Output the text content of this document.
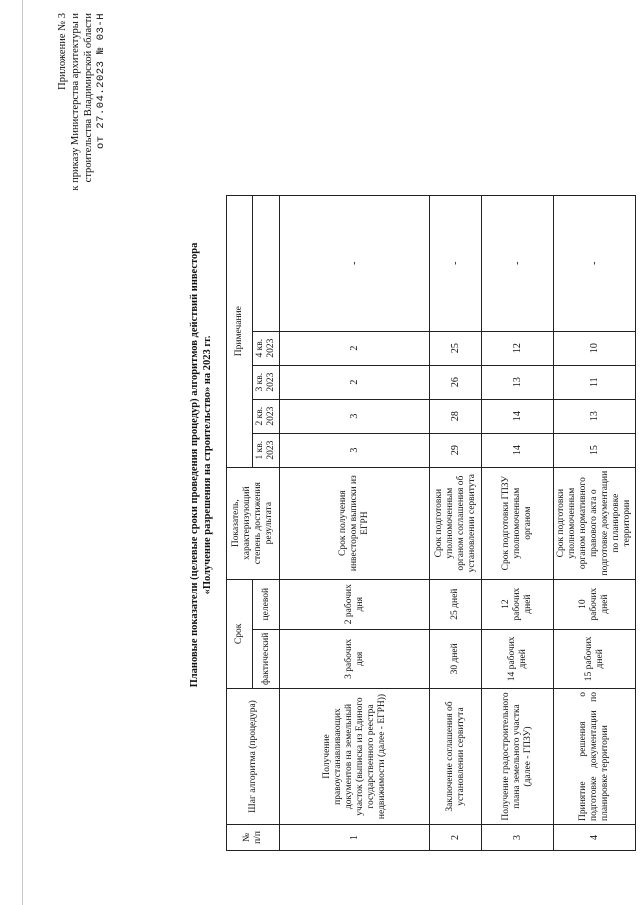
Приложение № 3 к приказу Министерства архитектуры и строительства Владимирской области от 27.04.2023 № 03-Н
Плановые показатели (целевые сроки проведения процедур) алгоритмов действий инвестора «Получение разрешения на строительство» на 2023 гг.
№ п/п	Шаг алгоритма (процедура)	Срок		Показатель, характеризующий степень достижения результата	Примечание				
		фактический	целевой		1 кв. 2023	2 кв. 2023	3 кв. 2023	4 кв. 2023	
1	Получение правоустанавливающих документов на земельный участок (выписка из Единого государственного реестра недвижимости (далее - ЕГРН))	3 рабочих дня	2 рабочих дня	Срок получения инвестором выписки из ЕГРН	3	3	2	2	-
2	Заключение соглашения об установлении сервитута	30 дней	25 дней	Срок подготовки уполномоченным органом соглашения об установлении сервитута	29	28	26	25	-
3	Получение градостроительного плана земельного участка (далее - ГПЗУ)	14 рабочих дней	12 рабочих дней	Срок подготовки ГПЗУ уполномоченным органом	14	14	13	12	-
4	Принятие решения о подготовке документации по планировке территории	15 рабочих дней	10 рабочих дней	Срок подготовки уполномоченным органом нормативного правового акта о подготовке документации по планировке территории	15	13	11	10	-
